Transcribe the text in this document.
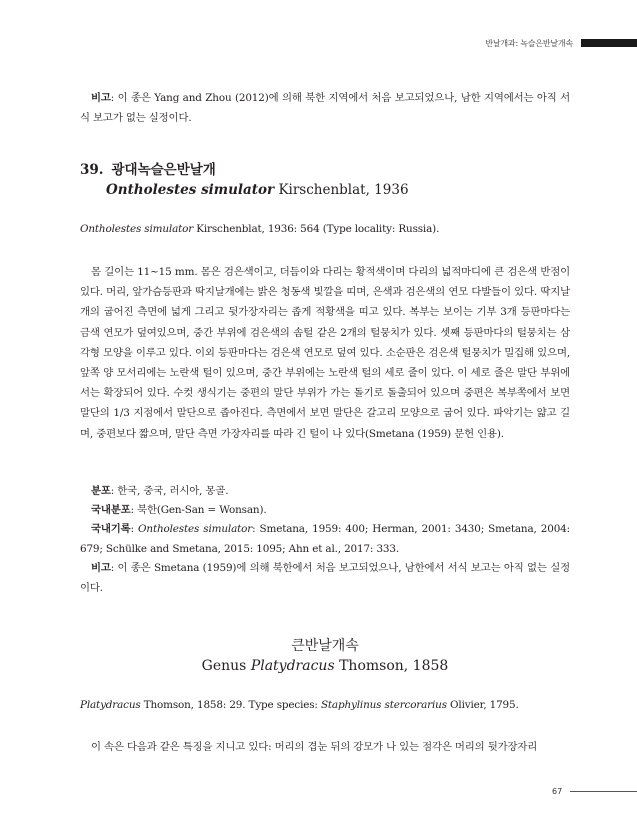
반날개과: 녹슬은반날개속

비고: 이 종은 Yang and Zhou (2012)에 의해 북한 지역에서 처음 보고되었으나, 남한 지역에서는 아직 서식 보고가 없는 실정이다.

39. 광대녹슬은반날개
Ontholestes simulator Kirschenblat, 1936
Ontholestes simulator Kirschenblat, 1936: 564 (Type locality: Russia).

몸 길이는 11~15 mm. 몸은 검은색이고, 더듬이와 다리는 황적색이며 다리의 넓적마디에 큰 검은색 반점이 있다. 머리, 앞가슴등판과 딱지날개에는 밝은 청동색 빛깔을 띠며, 은색과 검은색의 연모 다발들이 있다. 딱지날개의 굽어진 측면에 넓게 그리고 뒷가장자리는 좁게 적황색을 띠고 있다. 복부는 보이는 기부 3개 등판마다는 금색 연모가 덮여있으며, 중간 부위에 검은색의 솜털 같은 2개의 털뭉치가 있다. 셋째 등판마다의 털뭉치는 삼각형 모양을 이루고 있다. 이외 등판마다는 검은색 연모로 덮여 있다. 소순판은 검은색 털뭉치가 밀집해 있으며, 앞쪽 양 모서리에는 노란색 털이 있으며, 중간 부위에는 노란색 털의 세로 줄이 있다. 이 세로 줄은 말단 부위에서는 확장되어 있다. 수컷 생식기는 중편의 말단 부위가 가는 돌기로 돌출되어 있으며 중편은 복부쪽에서 보면 말단의 1/3 지점에서 말단으로 좁아진다. 측면에서 보면 말단은 갈고리 모양으로 굽어 있다. 파악기는 얇고 길며, 중편보다 짧으며, 말단 측면 가장자리를 따라 긴 털이 나 있다(Smetana (1959) 문헌 인용).

분포: 한국, 중국, 러시아, 몽골.

국내분포: 북한(Gen-San = Wonsan).

국내기록: Ontholestes simulator: Smetana, 1959: 400; Herman, 2001: 3430; Smetana, 2004: 679; Schülke and Smetana, 2015: 1095; Ahn et al., 2017: 333.

비고: 이 종은 Smetana (1959)에 의해 북한에서 처음 보고되었으나, 남한에서 서식 보고는 아직 없는 실정이다.

큰반날개속
Genus Platydracus Thomson, 1858
Platydracus Thomson, 1858: 29. Type species: Staphylinus stercorarius Olivier, 1795.

이 속은 다음과 같은 특징을 지니고 있다: 머리의 겹눈 뒤의 강모가 나 있는 점각은 머리의 뒷가장자리

67
